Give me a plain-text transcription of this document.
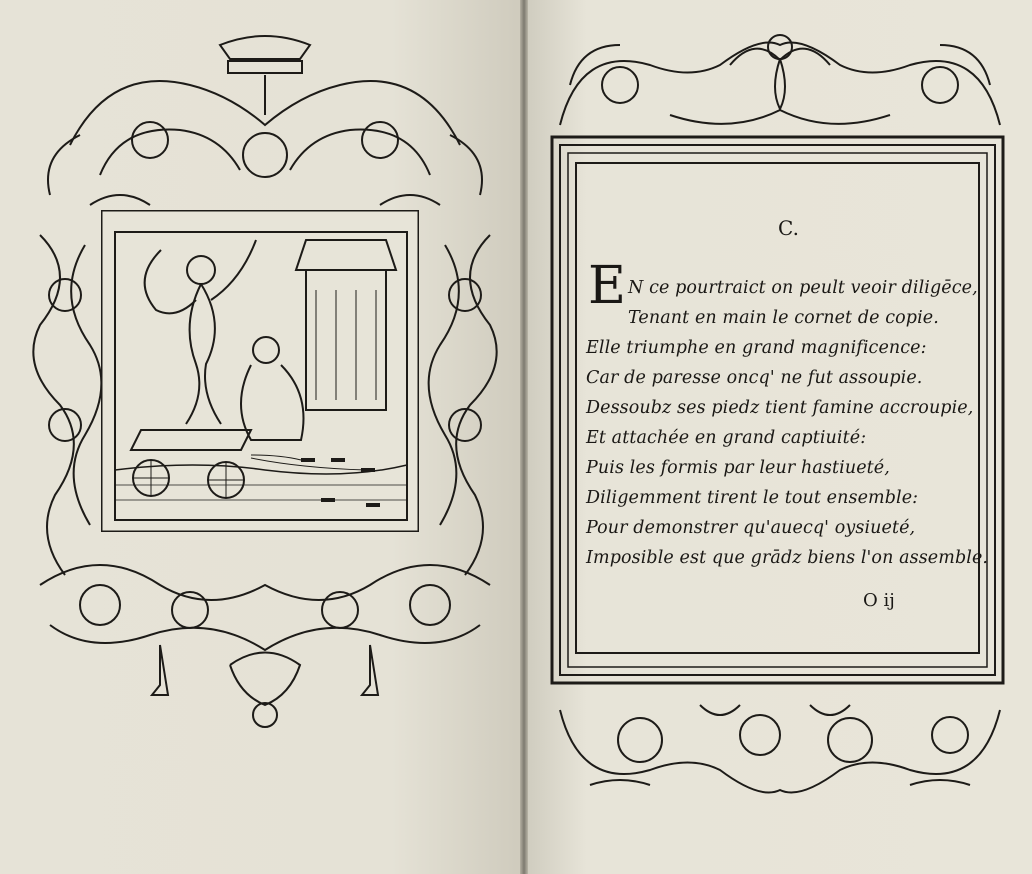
C.
E N ce pourtraict on peult veoir diligēce,
Tenant en main le cornet de copie.
Elle triumphe en grand magnificence:
Car de paresse oncq' ne fut assoupie.
Dessoubz ses piedz tient famine accroupie,
Et attachée en grand captiuité:
Puis les formis par leur hastiueté,
Diligemment tirent le tout ensemble:
Pour demonstrer qu'auecq' oysiueté,
Imposible est que grādz biens l'on assemble.
O ij
